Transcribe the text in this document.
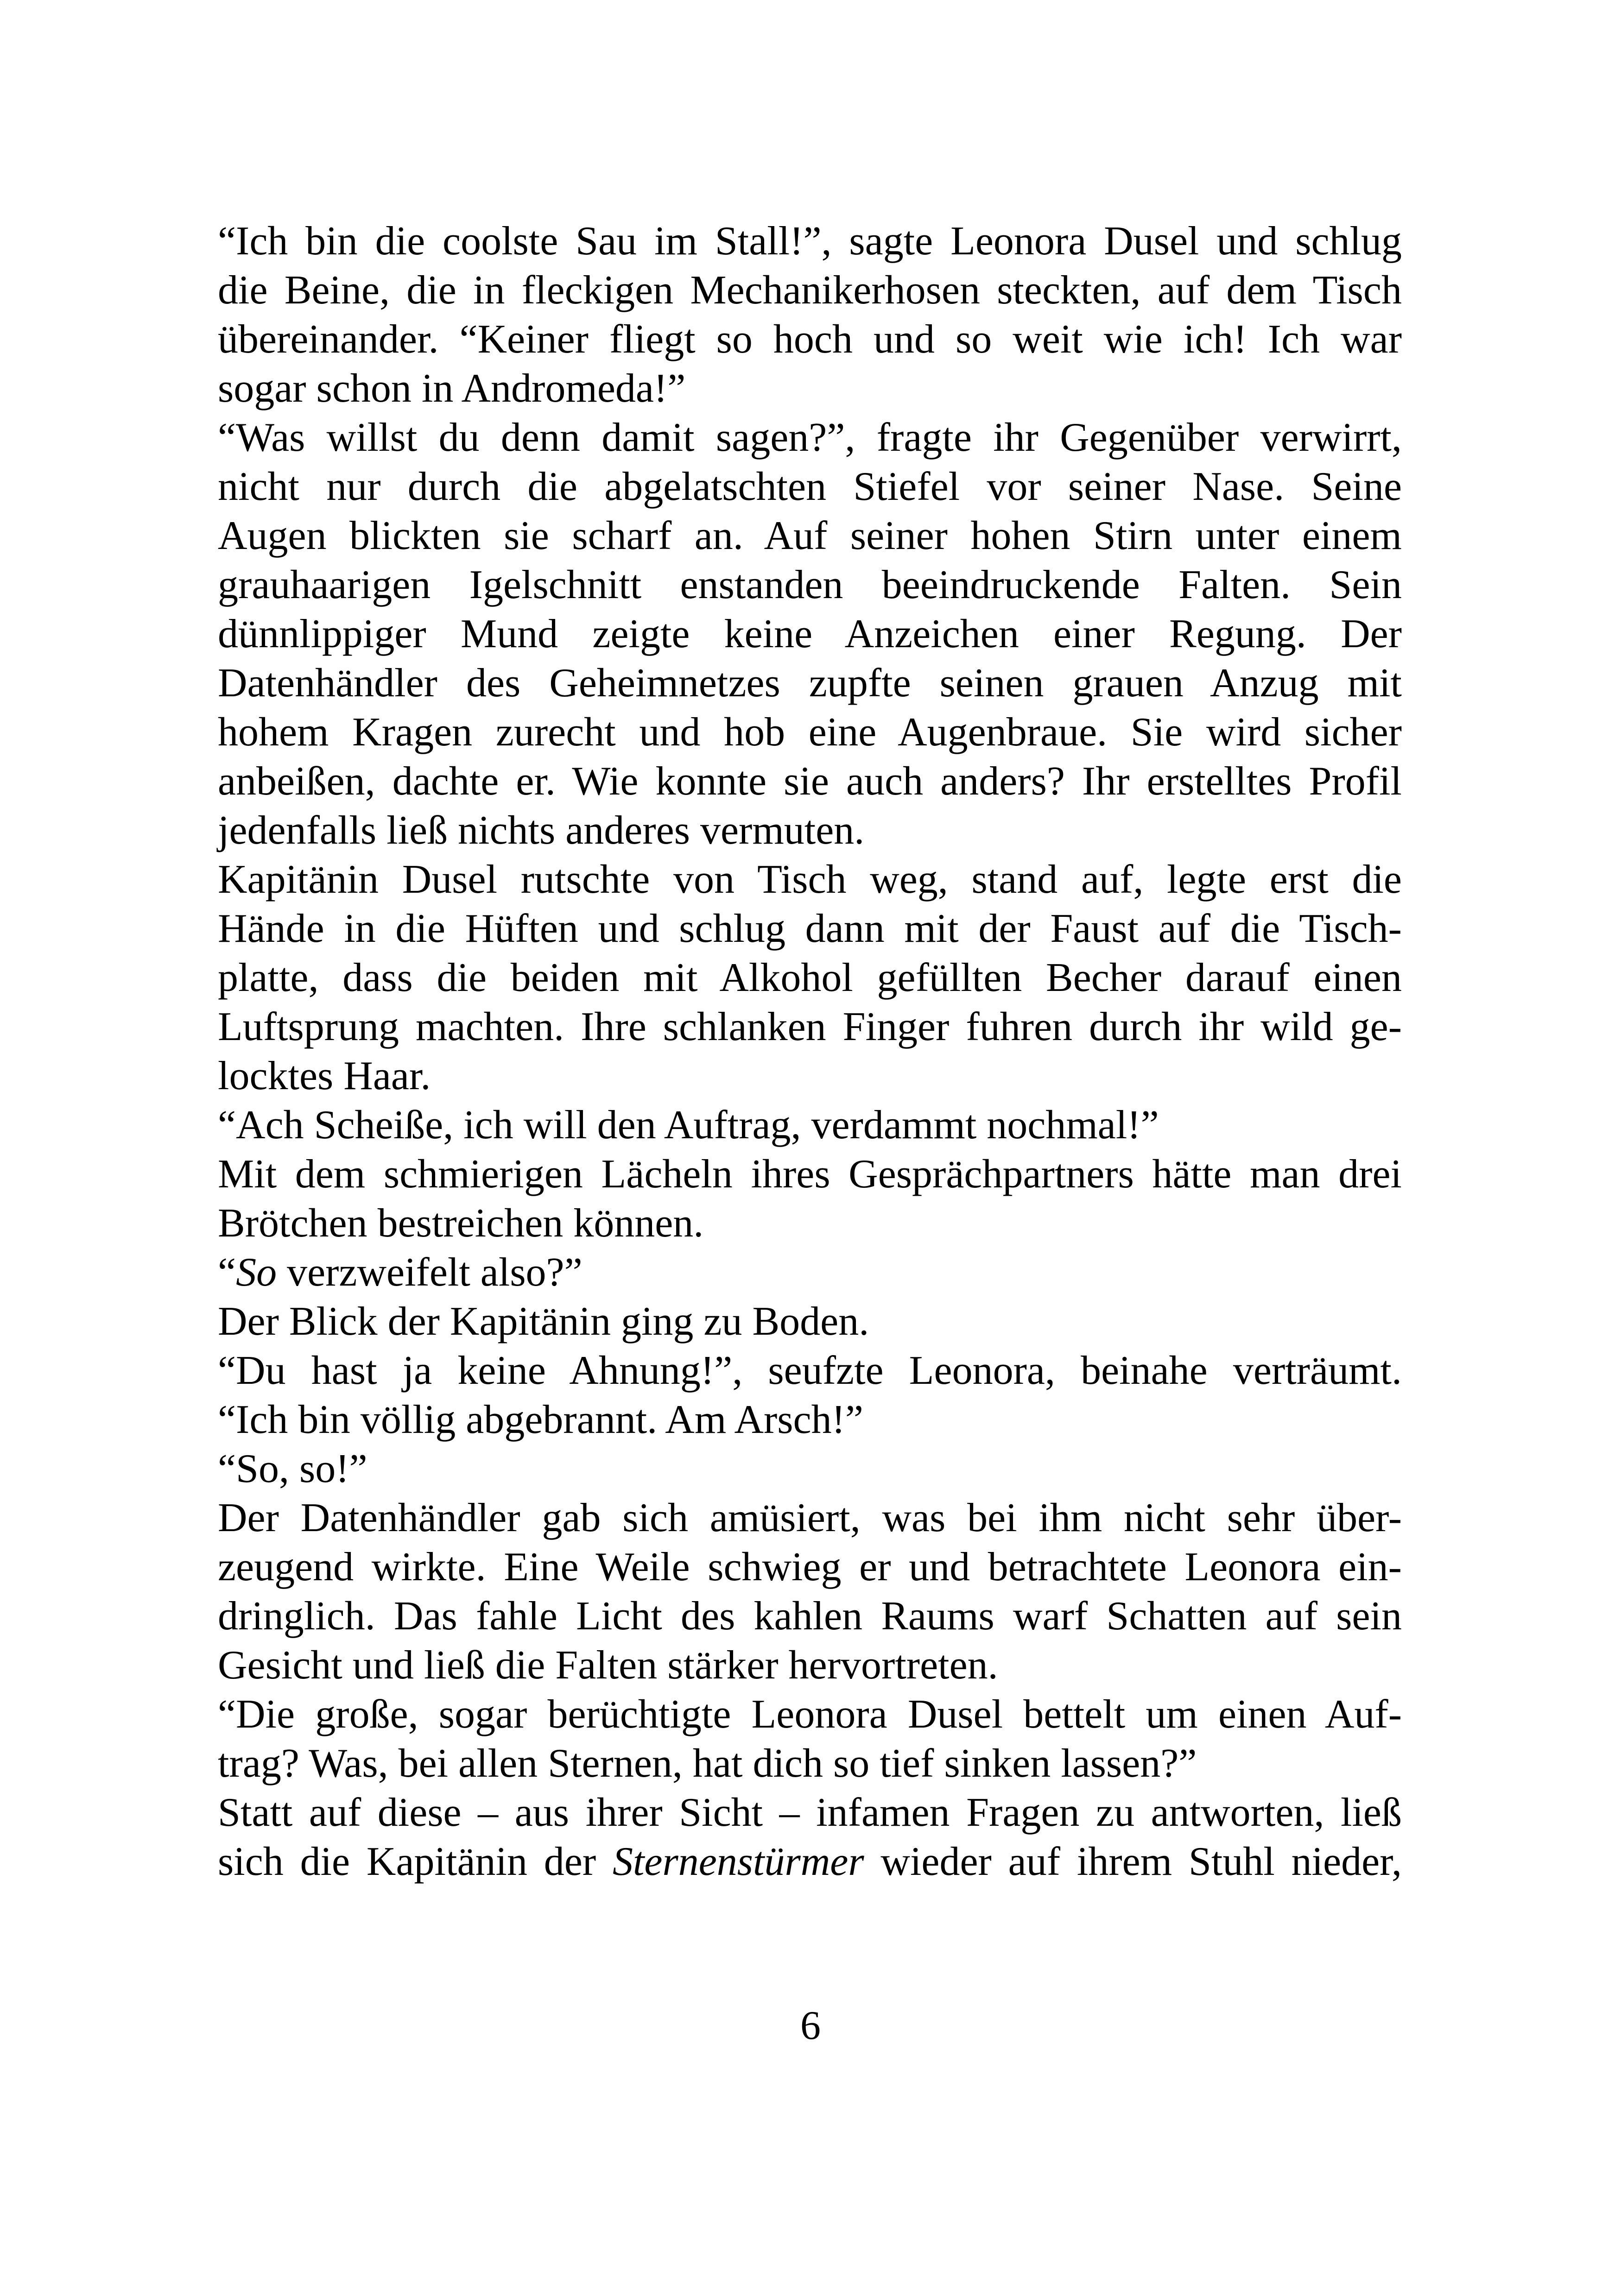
“Ich bin die coolste Sau im Stall!”, sagte Leonora Dusel und schlug
die Beine, die in fleckigen Mechanikerhosen steckten, auf dem Tisch
übereinander. “Keiner fliegt so hoch und so weit wie ich! Ich war
sogar schon in Andromeda!”
“Was willst du denn damit sagen?”, fragte ihr Gegenüber verwirrt,
nicht nur durch die abgelatschten Stiefel vor seiner Nase. Seine
Augen blickten sie scharf an. Auf seiner hohen Stirn unter einem
grauhaarigen Igelschnitt enstanden beeindruckende Falten. Sein
dünnlippiger Mund zeigte keine Anzeichen einer Regung. Der
Datenhändler des Geheimnetzes zupfte seinen grauen Anzug mit
hohem Kragen zurecht und hob eine Augenbraue. Sie wird sicher
anbeißen, dachte er. Wie konnte sie auch anders? Ihr erstelltes Profil
jedenfalls ließ nichts anderes vermuten.
Kapitänin Dusel rutschte von Tisch weg, stand auf, legte erst die
Hände in die Hüften und schlug dann mit der Faust auf die Tisch-
platte, dass die beiden mit Alkohol gefüllten Becher darauf einen
Luftsprung machten. Ihre schlanken Finger fuhren durch ihr wild ge-
locktes Haar.
“Ach Scheiße, ich will den Auftrag, verdammt nochmal!”
Mit dem schmierigen Lächeln ihres Gesprächpartners hätte man drei
Brötchen bestreichen können.
“So verzweifelt also?”
Der Blick der Kapitänin ging zu Boden.
“Du hast ja keine Ahnung!”, seufzte Leonora, beinahe verträumt.
“Ich bin völlig abgebrannt. Am Arsch!”
“So, so!”
Der Datenhändler gab sich amüsiert, was bei ihm nicht sehr über-
zeugend wirkte. Eine Weile schwieg er und betrachtete Leonora ein-
dringlich. Das fahle Licht des kahlen Raums warf Schatten auf sein
Gesicht und ließ die Falten stärker hervortreten.
“Die große, sogar berüchtigte Leonora Dusel bettelt um einen Auf-
trag? Was, bei allen Sternen, hat dich so tief sinken lassen?”
Statt auf diese – aus ihrer Sicht – infamen Fragen zu antworten, ließ
sich die Kapitänin der Sternenstürmer wieder auf ihrem Stuhl nieder,
6
